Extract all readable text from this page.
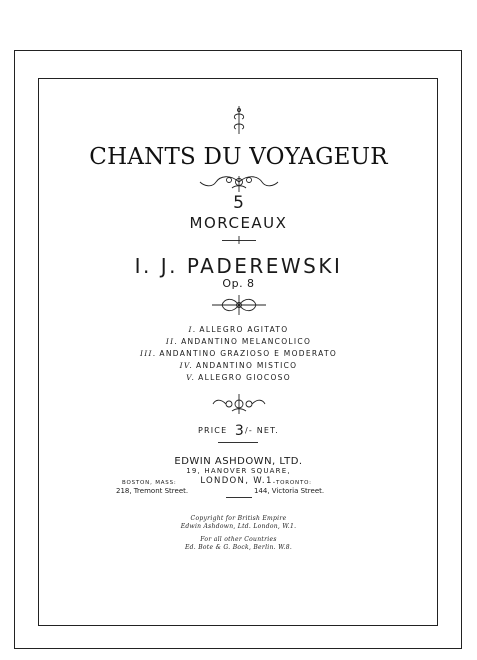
CHANTS DU VOYAGEUR
5
MORCEAUX
I. J. PADEREWSKI
Op. 8
I. ALLEGRO AGITATO
II. ANDANTINO MELANCOLICO
III. ANDANTINO GRAZIOSO E MODERATO
IV. ANDANTINO MISTICO
V. ALLEGRO GIOCOSO
PRICE 3/- NET.
EDWIN ASHDOWN, LTD.
19, HANOVER SQUARE,
LONDON, W.1.
BOSTON, MASS:
218, Tremont Street.
TORONTO:
144, Victoria Street.
Copyright for British Empire
Edwin Ashdown, Ltd. London, W.1.
For all other Countries
Ed. Bote & G. Bock, Berlin. W.8.
